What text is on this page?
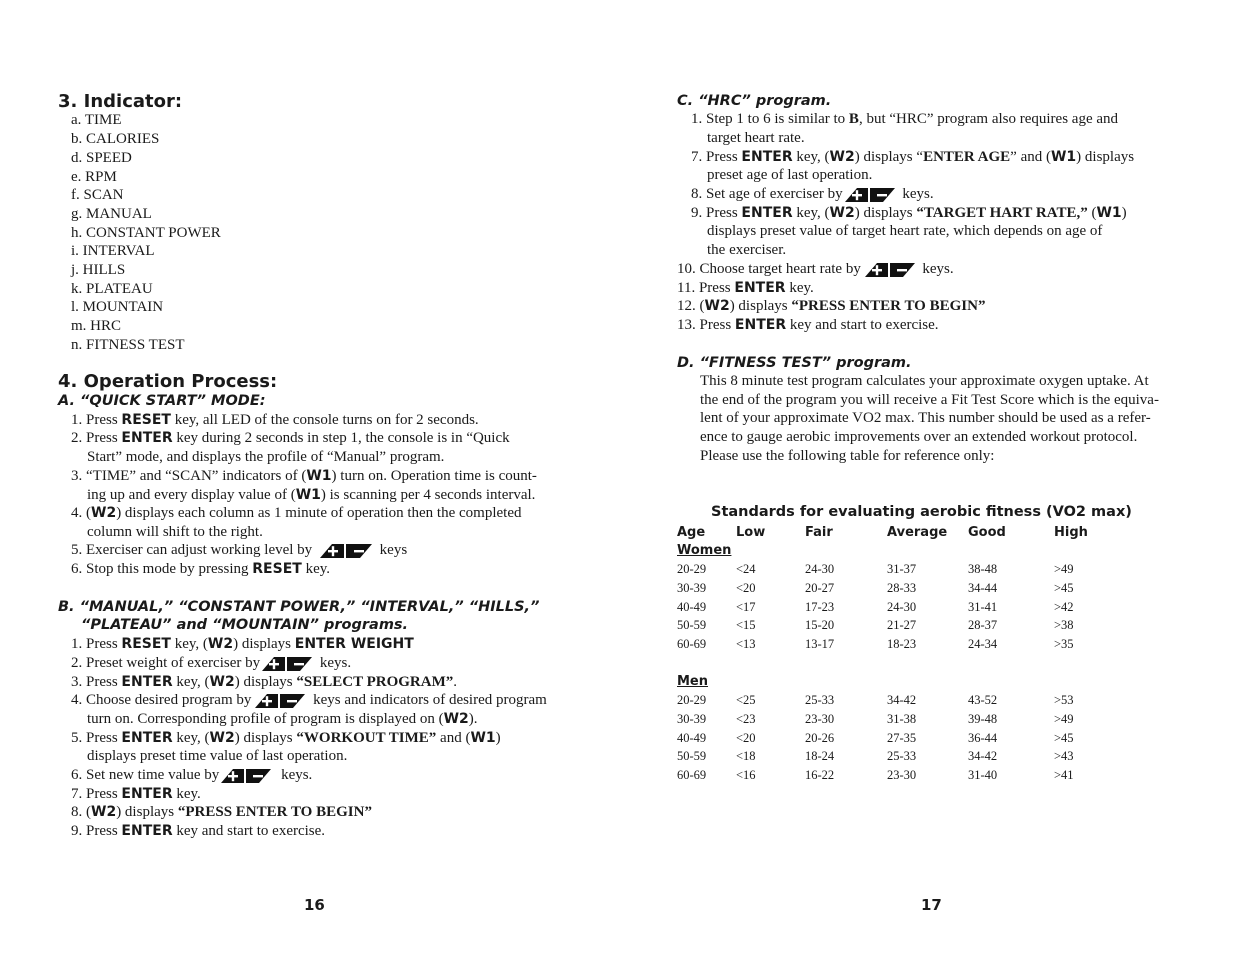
3. Indicator:
a. TIME
b. CALORIES
d. SPEED
e. RPM
f. SCAN
g. MANUAL
h. CONSTANT POWER
i. INTERVAL
j. HILLS
k. PLATEAU
l. MOUNTAIN
m. HRC
n. FITNESS TEST
4. Operation Process:
A. “QUICK START” MODE:
1. Press RESET key, all LED of the console turns on for 2 seconds.
2. Press ENTER key during 2 seconds in step 1, the console is in “Quick
Start” mode, and displays the profile of “Manual” program.
3. “TIME” and “SCAN” indicators of (W1) turn on. Operation time is count-
ing up and every display value of (W1) is scanning per 4 seconds interval.
4. (W2) displays each column as 1 minute of operation then the completed
column will shift to the right.
5. Exerciser can adjust working level by	keys
6. Stop this mode by pressing RESET key.
B. “MANUAL,” “CONSTANT POWER,” “INTERVAL,” “HILLS,”
“PLATEAU” and “MOUNTAIN” programs.
1. Press RESET key, (W2) displays ENTER WEIGHT
2. Preset weight of exerciser by	keys.
3. Press ENTER key, (W2) displays “SELECT PROGRAM”.
4. Choose desired program by	keys and indicators of desired program
turn on. Corresponding profile of program is displayed on (W2).
5. Press ENTER key, (W2) displays “WORKOUT TIME” and (W1)
displays preset time value of last operation.
6. Set new time value by	keys.
7. Press ENTER key.
8. (W2) displays “PRESS ENTER TO BEGIN”
9. Press ENTER key and start to exercise.
16
C. “HRC” program.
1. Step 1 to 6 is similar to B, but “HRC” program also requires age and
target heart rate.
7. Press ENTER key, (W2) displays “ENTER AGE” and (W1) displays
preset age of last operation.
8. Set age of exerciser by	keys.
9. Press ENTER key, (W2) displays “TARGET HART RATE,” (W1)
displays preset value of target heart rate, which depends on age of
the exerciser.
10. Choose target heart rate by	keys.
11. Press ENTER key.
12. (W2) displays “PRESS ENTER TO BEGIN”
13. Press ENTER key and start to exercise.
D. “FITNESS TEST” program.
This 8 minute test program calculates your approximate oxygen uptake. At
the end of the program you will receive a Fit Test Score which is the equiva-
lent of your approximate VO2 max. This number should be used as a refer-
ence to gauge aerobic improvements over an extended workout protocol.
Please use the following table for reference only:
Standards for evaluating aerobic fitness (VO2 max)
Age Low	Fair	Average Good	High
Women
20-29 <24	24-30	31-37	38-48	>49
30-39 <20	20-27	28-33	34-44	>45
40-49 <17	17-23	24-30	31-41	>42
50-59 <15	15-20	21-27	28-37	>38
60-69 <13	13-17	18-23	24-34	>35
Men
20-29 <25	25-33	34-42	43-52	>53
30-39 <23	23-30	31-38	39-48	>49
40-49 <20	20-26	27-35	36-44	>45
50-59 <18	18-24	25-33	34-42	>43
60-69 <16	16-22	23-30	31-40	>41
17
